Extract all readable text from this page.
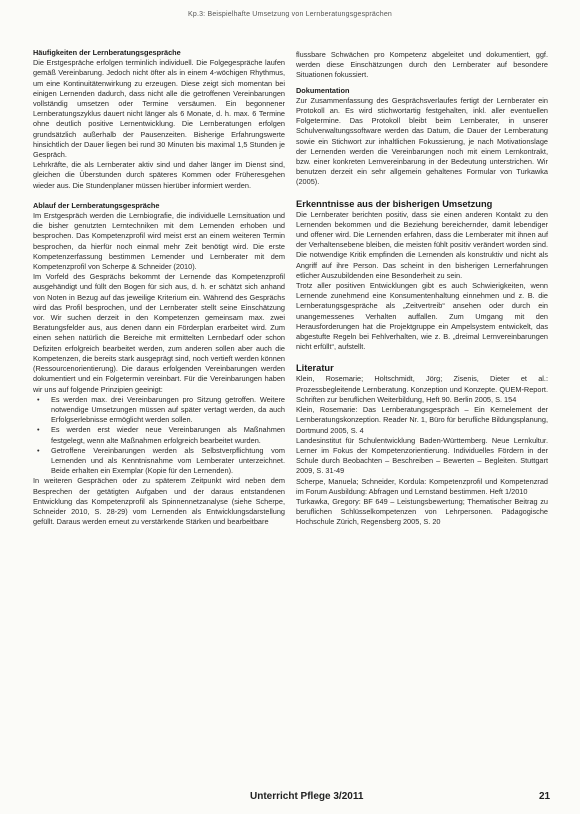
Kp.3: Beispielhafte Umsetzung von Lernberatungsgesprächen

Häufigkeiten der Lernberatungsgespräche

Die Erstgespräche erfolgen terminlich individuell. Die Folgegespräche laufen gemäß Vereinbarung. Jedoch nicht öfter als in einem 4-wöchigen Rhythmus, um eine Kontinuitätenwirkung zu erzeugen. Diese zeigt sich momentan bei einigen Lernenden dadurch, dass nicht alle die getroffenen Vereinbarungen vollständig umsetzen oder Termine versäumen. Ein begonnener Lernberatungszyklus dauert nicht länger als 6 Monate, d. h. max. 6 Termine ohne deutlich positive Lernentwicklung. Die Lernberatungen erfolgen grundsätzlich außerhalb der Pausenzeiten. Bisherige Erfahrungswerte hinsichtlich der Dauer liegen bei rund 30 Minuten bis maximal 1,5 Stunden je Gespräch.

Lehrkräfte, die als Lernberater aktiv sind und daher länger im Dienst sind, gleichen die Überstunden durch späteres Kommen oder Früheresgehen wieder aus. Die Stundenplaner müssen hierüber informiert werden.

Ablauf der Lernberatungsgespräche

Im Erstgespräch werden die Lernbiografie, die individuelle Lernsituation und die bisher genutzten Lerntechniken mit dem Lernenden erhoben und besprochen. Das Kompetenzprofil wird meist erst an einem weiteren Termin besprochen, da hierfür noch einmal mehr Zeit benötigt wird. Die erste Kompetenzerfassung bestimmen Lernender und Lernberater mit dem Kompetenzprofil von Scherpe & Schneider (2010).

Im Vorfeld des Gesprächs bekommt der Lernende das Kompetenzprofil ausgehändigt und füllt den Bogen für sich aus, d. h. er schätzt sich anhand von Noten in Bezug auf das jeweilige Kriterium ein. Während des Gesprächs wird das Profil besprochen, und der Lernberater stellt seine Einschätzung vor. Wir suchen derzeit in den Kompetenzen gemeinsam max. zwei Beratungsfelder aus, aus denen dann ein Förderplan erarbeitet wird. Zum einen sehen natürlich die Bereiche mit ermittelten Lernbedarf oder schon Defiziten erfolgreich bearbeitet werden, zum anderen sollen aber auch die Kompetenzen, die bereits stark ausgeprägt sind, noch vertieft werden können (Ressourcenorientierung). Die daraus erfolgenden Vereinbarungen werden dokumentiert und ein Folgetermin vereinbart. Für die Vereinbarungen haben wir uns auf folgende Prinzipien geeinigt:

• Es werden max. drei Vereinbarungen pro Sitzung getroffen. Weitere notwendige Umsetzungen müssen auf später vertagt werden, da auch Erfolgserlebnisse ermöglicht werden sollen.
• Es werden erst wieder neue Vereinbarungen als Maßnahmen festgelegt, wenn alte Maßnahmen erfolgreich bearbeitet wurden.
• Getroffene Vereinbarungen werden als Selbstverpflichtung vom Lernenden und als Kenntnisnahme vom Lernberater unterzeichnet. Beide erhalten ein Exemplar (Kopie für den Lernenden).

In weiteren Gesprächen oder zu späterem Zeitpunkt wird neben dem Besprechen der getätigten Aufgaben und der daraus entstandenen Entwicklung das Kompetenzprofil als Spinnennetzanalyse (siehe Scherpe, Schneider 2010, S. 28-29) vom Lernenden als Entwicklungsdarstellung gefüllt. Daraus werden erneut zu verstärkende Stärken und bearbeitbare

flussbare Schwächen pro Kompetenz abgeleitet und dokumentiert, ggf. werden diese Einschätzungen durch den Lernberater auf besondere Situationen fokussiert.

Dokumentation

Zur Zusammenfassung des Gesprächsverlaufes fertigt der Lernberater ein Protokoll an. Es wird stichwortartig festgehalten, inkl. aller eventuellen Folgetermine. Das Protokoll bleibt beim Lernberater, in unserer Schulverwaltungssoftware werden das Datum, die Dauer der Lernberatung sowie ein Stichwort zur inhaltlichen Fokussierung, je nach Motivationslage der Lernenden werden die Vereinbarungen noch mit einem Lernkontrakt, bzw. einer konkreten Lernvereinbarung in der Bedeutung unterstrichen. Wir benutzen derzeit ein sehr allgemein gehaltenes Formular von Turkawka (2005).

Erkenntnisse aus der bisherigen Umsetzung

Die Lernberater berichten positiv, dass sie einen anderen Kontakt zu den Lernenden bekommen und die Beziehung bereichernder, damit lebendiger und offener wird. Die Lernenden erfahren, dass die Lernberater mit ihnen auf der Verhaltensebene bleiben, die meisten fühlt positiv verändert worden sind. Die notwendige Kritik empfinden die Lernenden als konstruktiv und nicht als Angriff auf ihre Person. Das scheint in den bisherigen Lernerfahrungen etlicher Auszubildenden eine Besonderheit zu sein.

Trotz aller positiven Entwicklungen gibt es auch Schwierigkeiten, wenn Lernende zunehmend eine Konsumentenhaltung einnehmen und z. B. die Lernberatungsgespräche als „Zeitvertreib“ ansehen oder durch ein unangemessenes Verhalten auffallen. Zum Umgang mit den Herausforderungen hat die Projektgruppe ein Ampelsystem entwickelt, das abgestufte Regeln bei Fehlverhalten, wie z. B. „dreimal Lernvereinbarungen nicht erfüllt“, aufstellt.

Literatur

Klein, Rosemarie; Holtschmidt, Jörg; Zisenis, Dieter et al.: Prozessbegleitende Lernberatung. Konzeption und Konzepte. QUEM-Report. Schriften zur beruflichen Weiterbildung, Heft 90. Berlin 2005, S. 154

Klein, Rosemarie: Das Lernberatungsgespräch – Ein Kernelement der Lernberatungskonzeption. Reader Nr. 1, Büro für berufliche Bildungsplanung, Dortmund 2005, S. 4

Landesinstitut für Schulentwicklung Baden-Württemberg. Neue Lernkultur. Lerner im Fokus der Kompetenzorientierung. Individuelles Fördern in der Schule durch Beobachten – Beschreiben – Bewerten – Begleiten. Stuttgart 2009, S. 31-49

Scherpe, Manuela; Schneider, Kordula: Kompetenzprofil und Kompetenzrad im Forum Ausbildung: Abfragen und Lernstand bestimmen. Heft 1/2010

Turkawka, Gregory: BF 649 – Leistungsbewertung; Thematischer Beitrag zu beruflichen Schlüsselkompetenzen von Lehrpersonen. Pädagogische Hochschule Zürich, Regensberg 2005, S. 20

Unterricht Pflege 3/2011	21
